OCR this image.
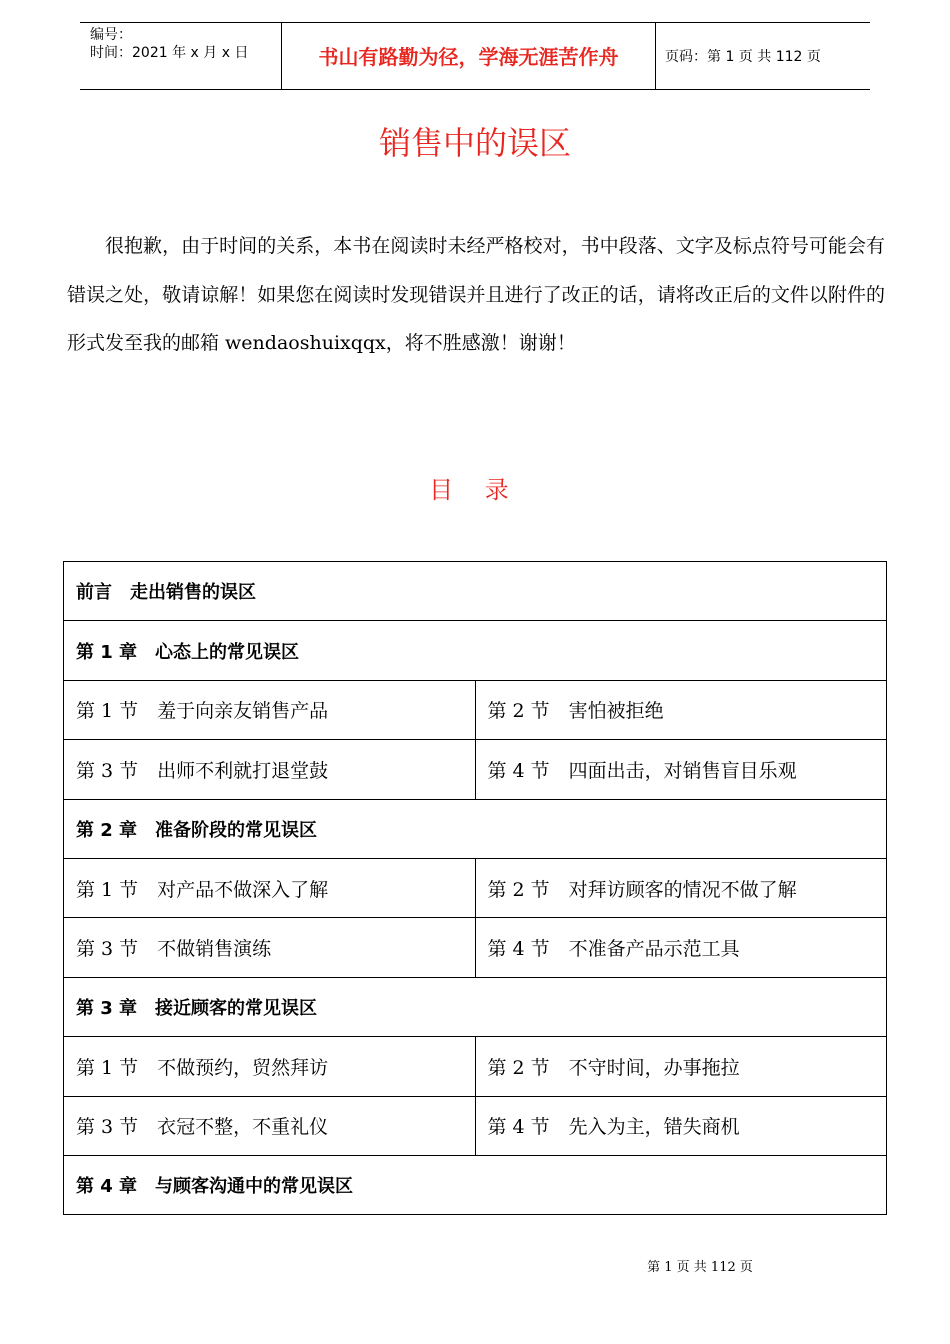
编号：
时间：2021 年 x 月 x 日	书山有路勤为径，学海无涯苦作舟	页码：第 1 页 共 112 页
销售中的误区
很抱歉，由于时间的关系，本书在阅读时未经严格校对，书中段落、文字及标点符号可能会有错误之处，敬请谅解！如果您在阅读时发现错误并且进行了改正的话，请将改正后的文件以附件的形式发至我的邮箱 wendaoshuixqqx，将不胜感激！谢谢！
目 录
前言　走出销售的误区	
第 1 章　心态上的常见误区	
第 1 节　羞于向亲友销售产品	第 2 节　害怕被拒绝
第 3 节　出师不利就打退堂鼓	第 4 节　四面出击，对销售盲目乐观
第 2 章　准备阶段的常见误区	
第 1 节　对产品不做深入了解	第 2 节　对拜访顾客的情况不做了解
第 3 节　不做销售演练	第 4 节　不准备产品示范工具
第 3 章　接近顾客的常见误区	
第 1 节　不做预约，贸然拜访	第 2 节　不守时间，办事拖拉
第 3 节　衣冠不整，不重礼仪	第 4 节　先入为主，错失商机
第 4 章　与顾客沟通中的常见误区	
第 1 页 共 112 页
